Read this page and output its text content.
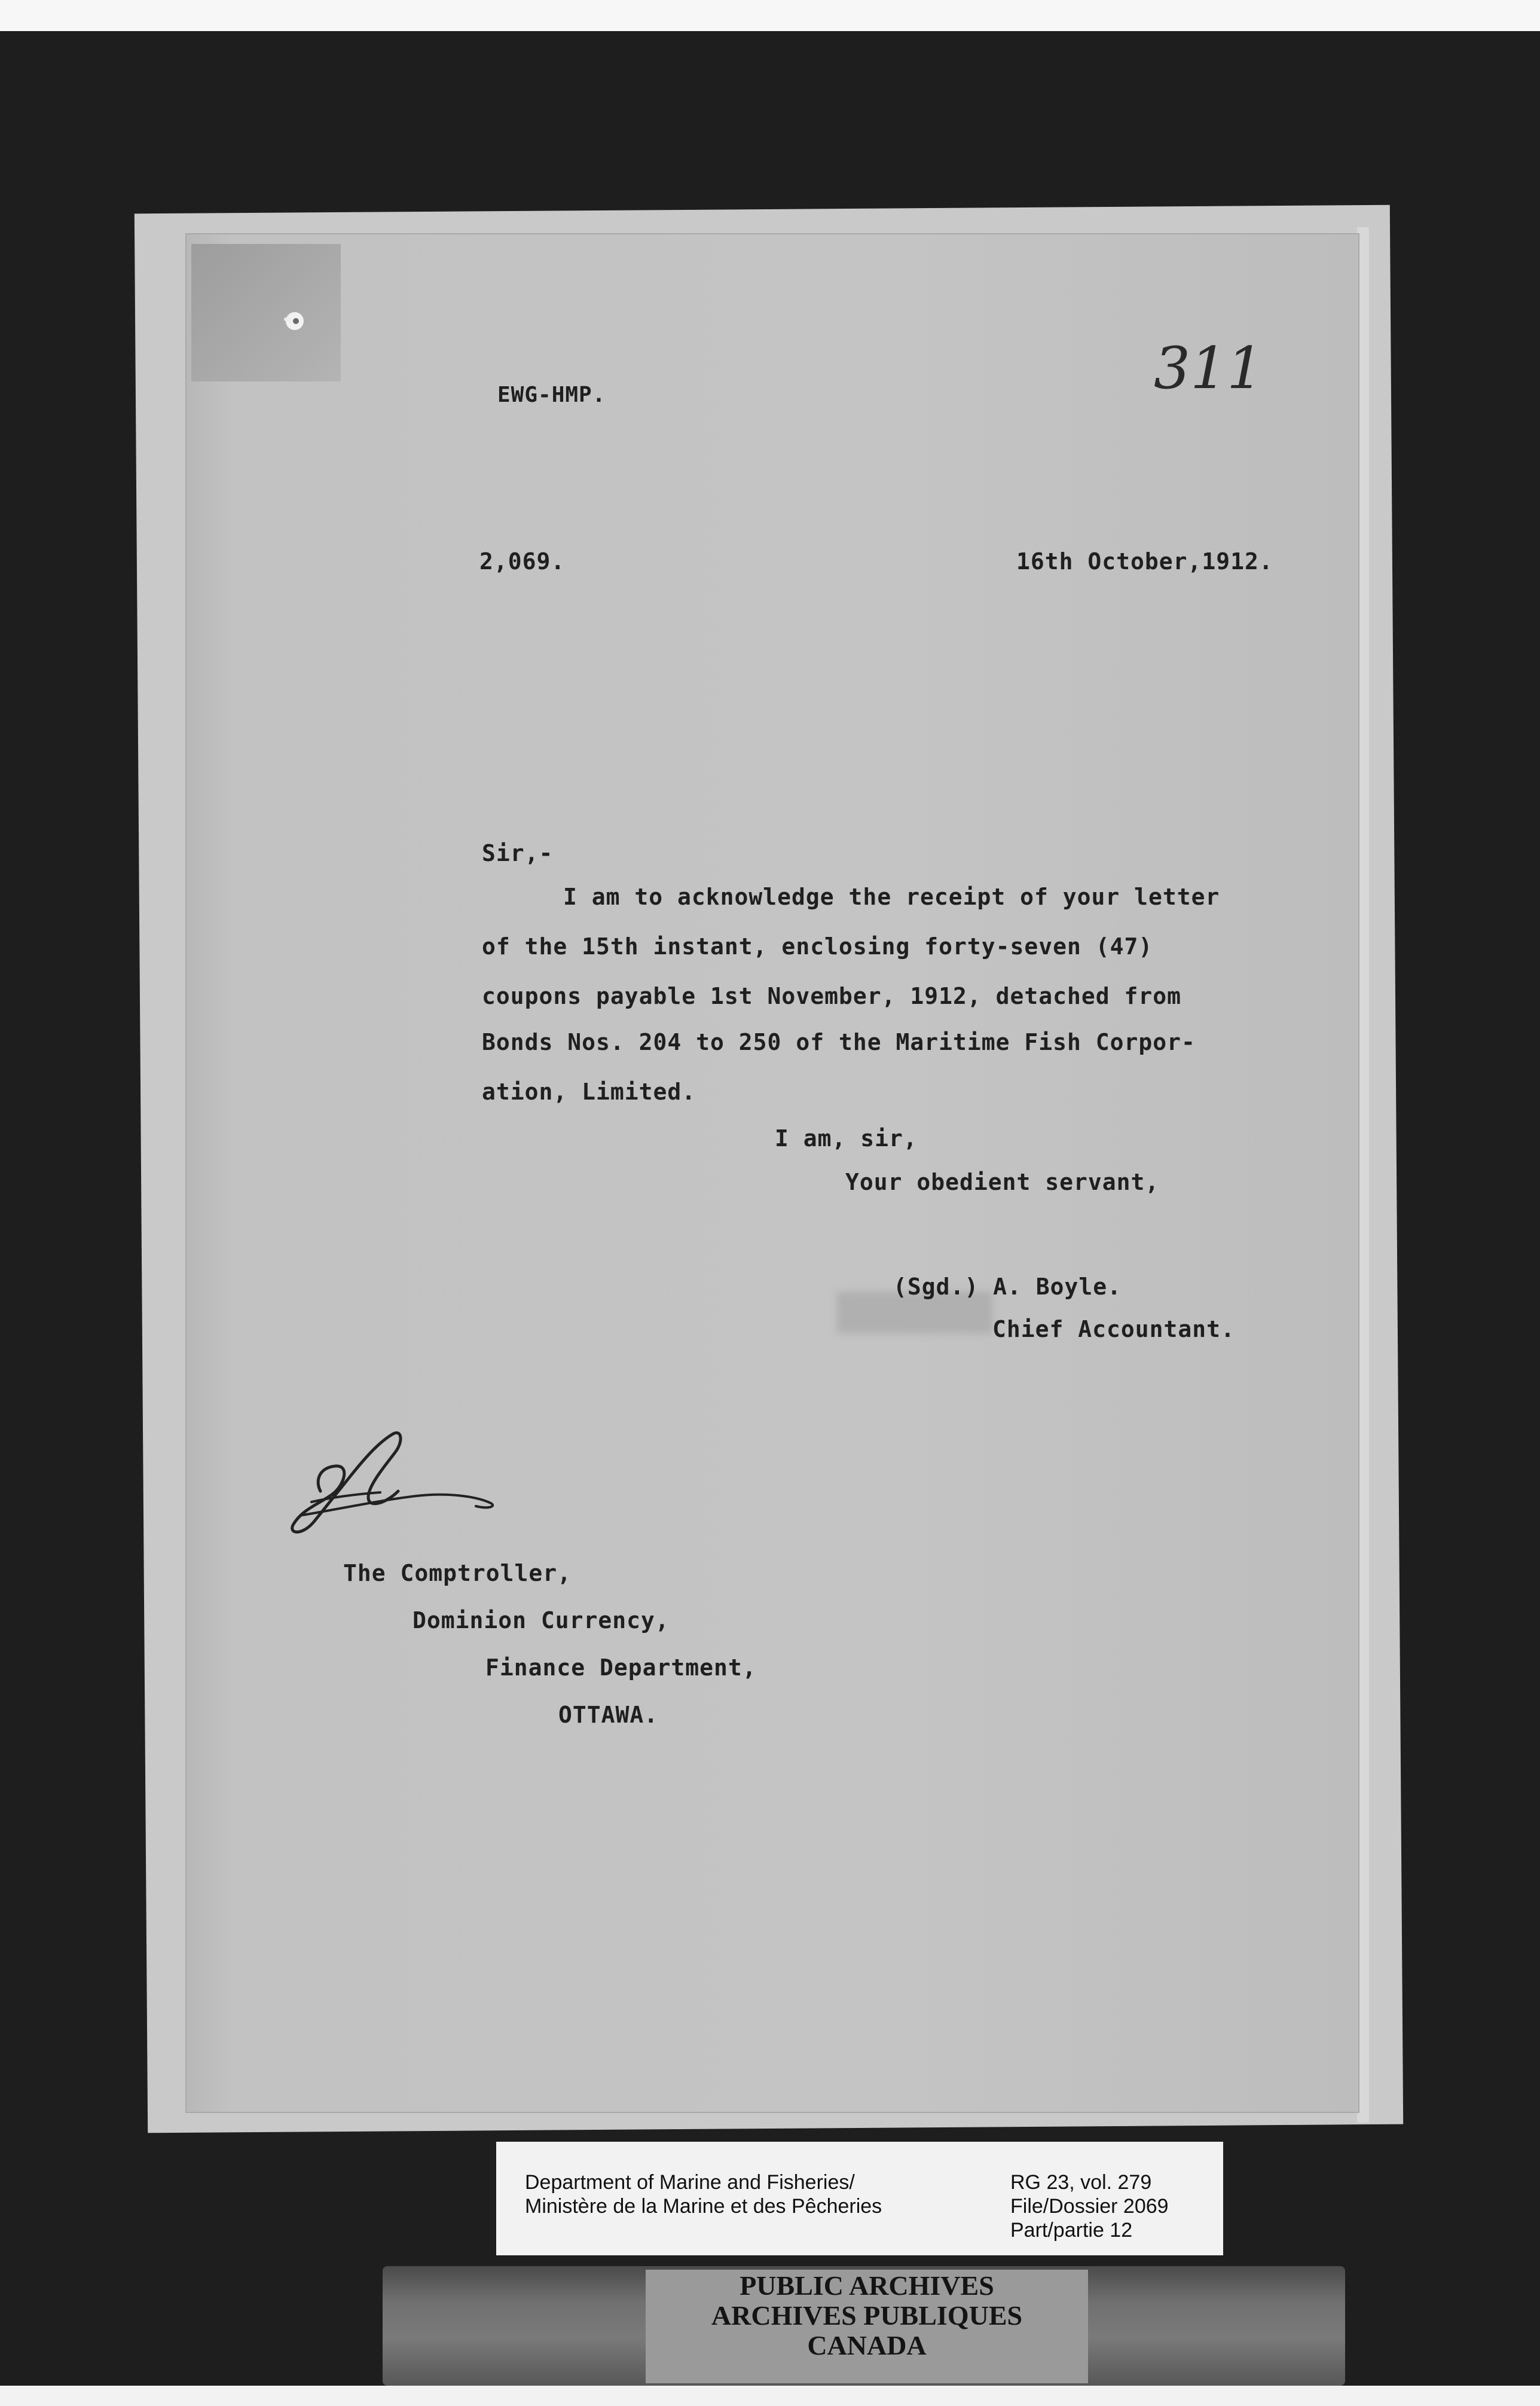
EWG-HMP.	311
2,069.	16th October,1912.
Sir,-
I am to acknowledge the receipt of your letter
of the 15th instant, enclosing forty-seven (47)
coupons payable 1st November, 1912, detached from
Bonds Nos. 204 to 250 of the Maritime Fish Corpor-
ation, Limited.
I am, sir,
Your obedient servant,
(Sgd.) A. Boyle.
Chief Accountant.
The Comptroller,
Dominion Currency,
Finance Department,
OTTAWA.
Department of Marine and Fisheries/
Ministère de la Marine et des Pêcheries
RG 23, vol. 279
File/Dossier 2069
Part/partie 12
PUBLIC ARCHIVES
ARCHIVES PUBLIQUES
CANADA
